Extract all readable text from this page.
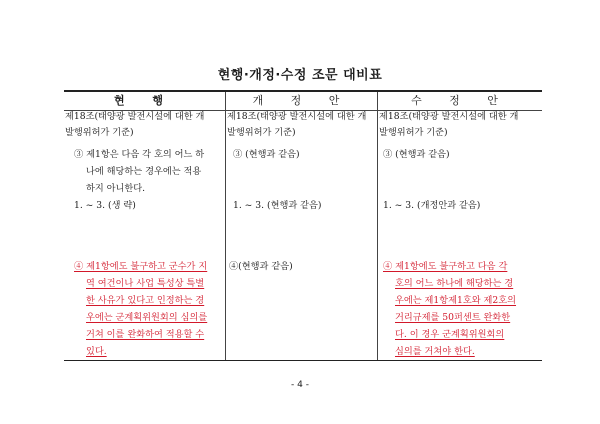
현행·개정·수정 조문 대비표
현 행	개 정 안	수 정 안
제18조(태양광 발전시설에 대한 개
발행위허가 기준)
③ 제1항은 다음 각 호의 어느 하
나에 해당하는 경우에는 적용
하지 아니한다.
1. ~ 3. (생 략)
④ 제1항에도 불구하고 군수가 지
역 여건이나 사업 특성상 특별
한 사유가 있다고 인정하는 경
우에는 군계획위원회의 심의를
거쳐 이를 완화하여 적용할 수
있다.
제18조(태양광 발전시설에 대한 개
발행위허가 기준)
③ (현행과 같음)
1. ~ 3. (현행과 같음)
④(현행과 같음)
제18조(태양광 발전시설에 대한 개
발행위허가 기준)
③ (현행과 같음)
1. ~ 3. (개정안과 같음)
④ 제1항에도 불구하고 다음 각
호의 어느 하나에 해당하는 경
우에는 제1항제1호와 제2호의
거리규제를 50퍼센트 완화한
다. 이 경우 군계획위원회의
심의를 거쳐야 한다.
- 4 -
